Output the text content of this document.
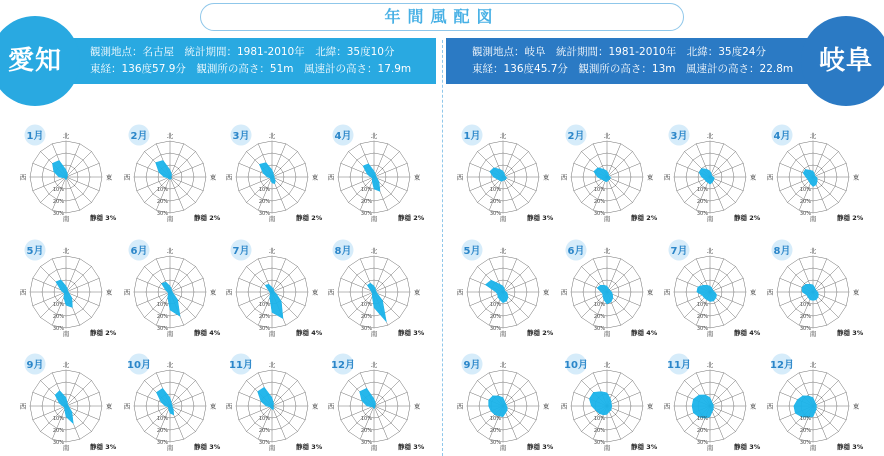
年間風配図
観測地点：名古屋　統計期間：1981-2010年　北緯：35度10分
東経：136度57.9分　観測所の高さ：51m　風速計の高さ：17.9m
愛知	観測地点：岐阜　統計期間：1981-2010年　北緯：35度24分
東経：136度45.7分　観測所の高さ：13m　風速計の高さ：22.8m 岐阜
1月
10%
20%
30%
北
東
南
西
静穏 3%
2月
10%
20%
30%
北
東
南
西
静穏 2%
3月
10%
20%
30%
北
東
南
西
静穏 2%
4月
10%
20%
30%
北
東
南
西
静穏 2%
5月
10%
20%
30%
北
東
南
西
静穏 2%
6月
10%
20%
30%
北
東
南
西
静穏 4%
7月
10%
20%
30%
北
東
南
西
静穏 4%
8月
10%
20%
30%
北
東
南
西
静穏 3%
9月
10%
20%
30%
北
東
南
西
静穏 3%
10月
10%
20%
30%
北
東
南
西
静穏 3%
11月
10%
20%
30%
北
東
南
西
静穏 3%
12月
10%
20%
30%
北
東
南
西
静穏 3%
1月
10%
20%
30%
北
東
南
西
静穏 3%
2月
10%
20%
30%
北
東
南
西
静穏 2%
3月
10%
20%
30%
北
東
南
西
静穏 2%
4月
10%
20%
30%
北
東
南
西
静穏 2%
5月
10%
20%
30%
北
東
南
西
静穏 2%
6月
10%
20%
30%
北
東
南
西
静穏 4%
7月
10%
20%
30%
北
東
南
西
静穏 4%
8月
10%
20%
30%
北
東
南
西
静穏 3%
9月
10%
20%
30%
北
東
南
西
静穏 3%
10月
10%
20%
30%
北
東
南
西
静穏 3%
11月
10%
20%
30%
北
東
南
西
静穏 3%
12月
10%
20%
30%
北
東
南
西
静穏 3%
